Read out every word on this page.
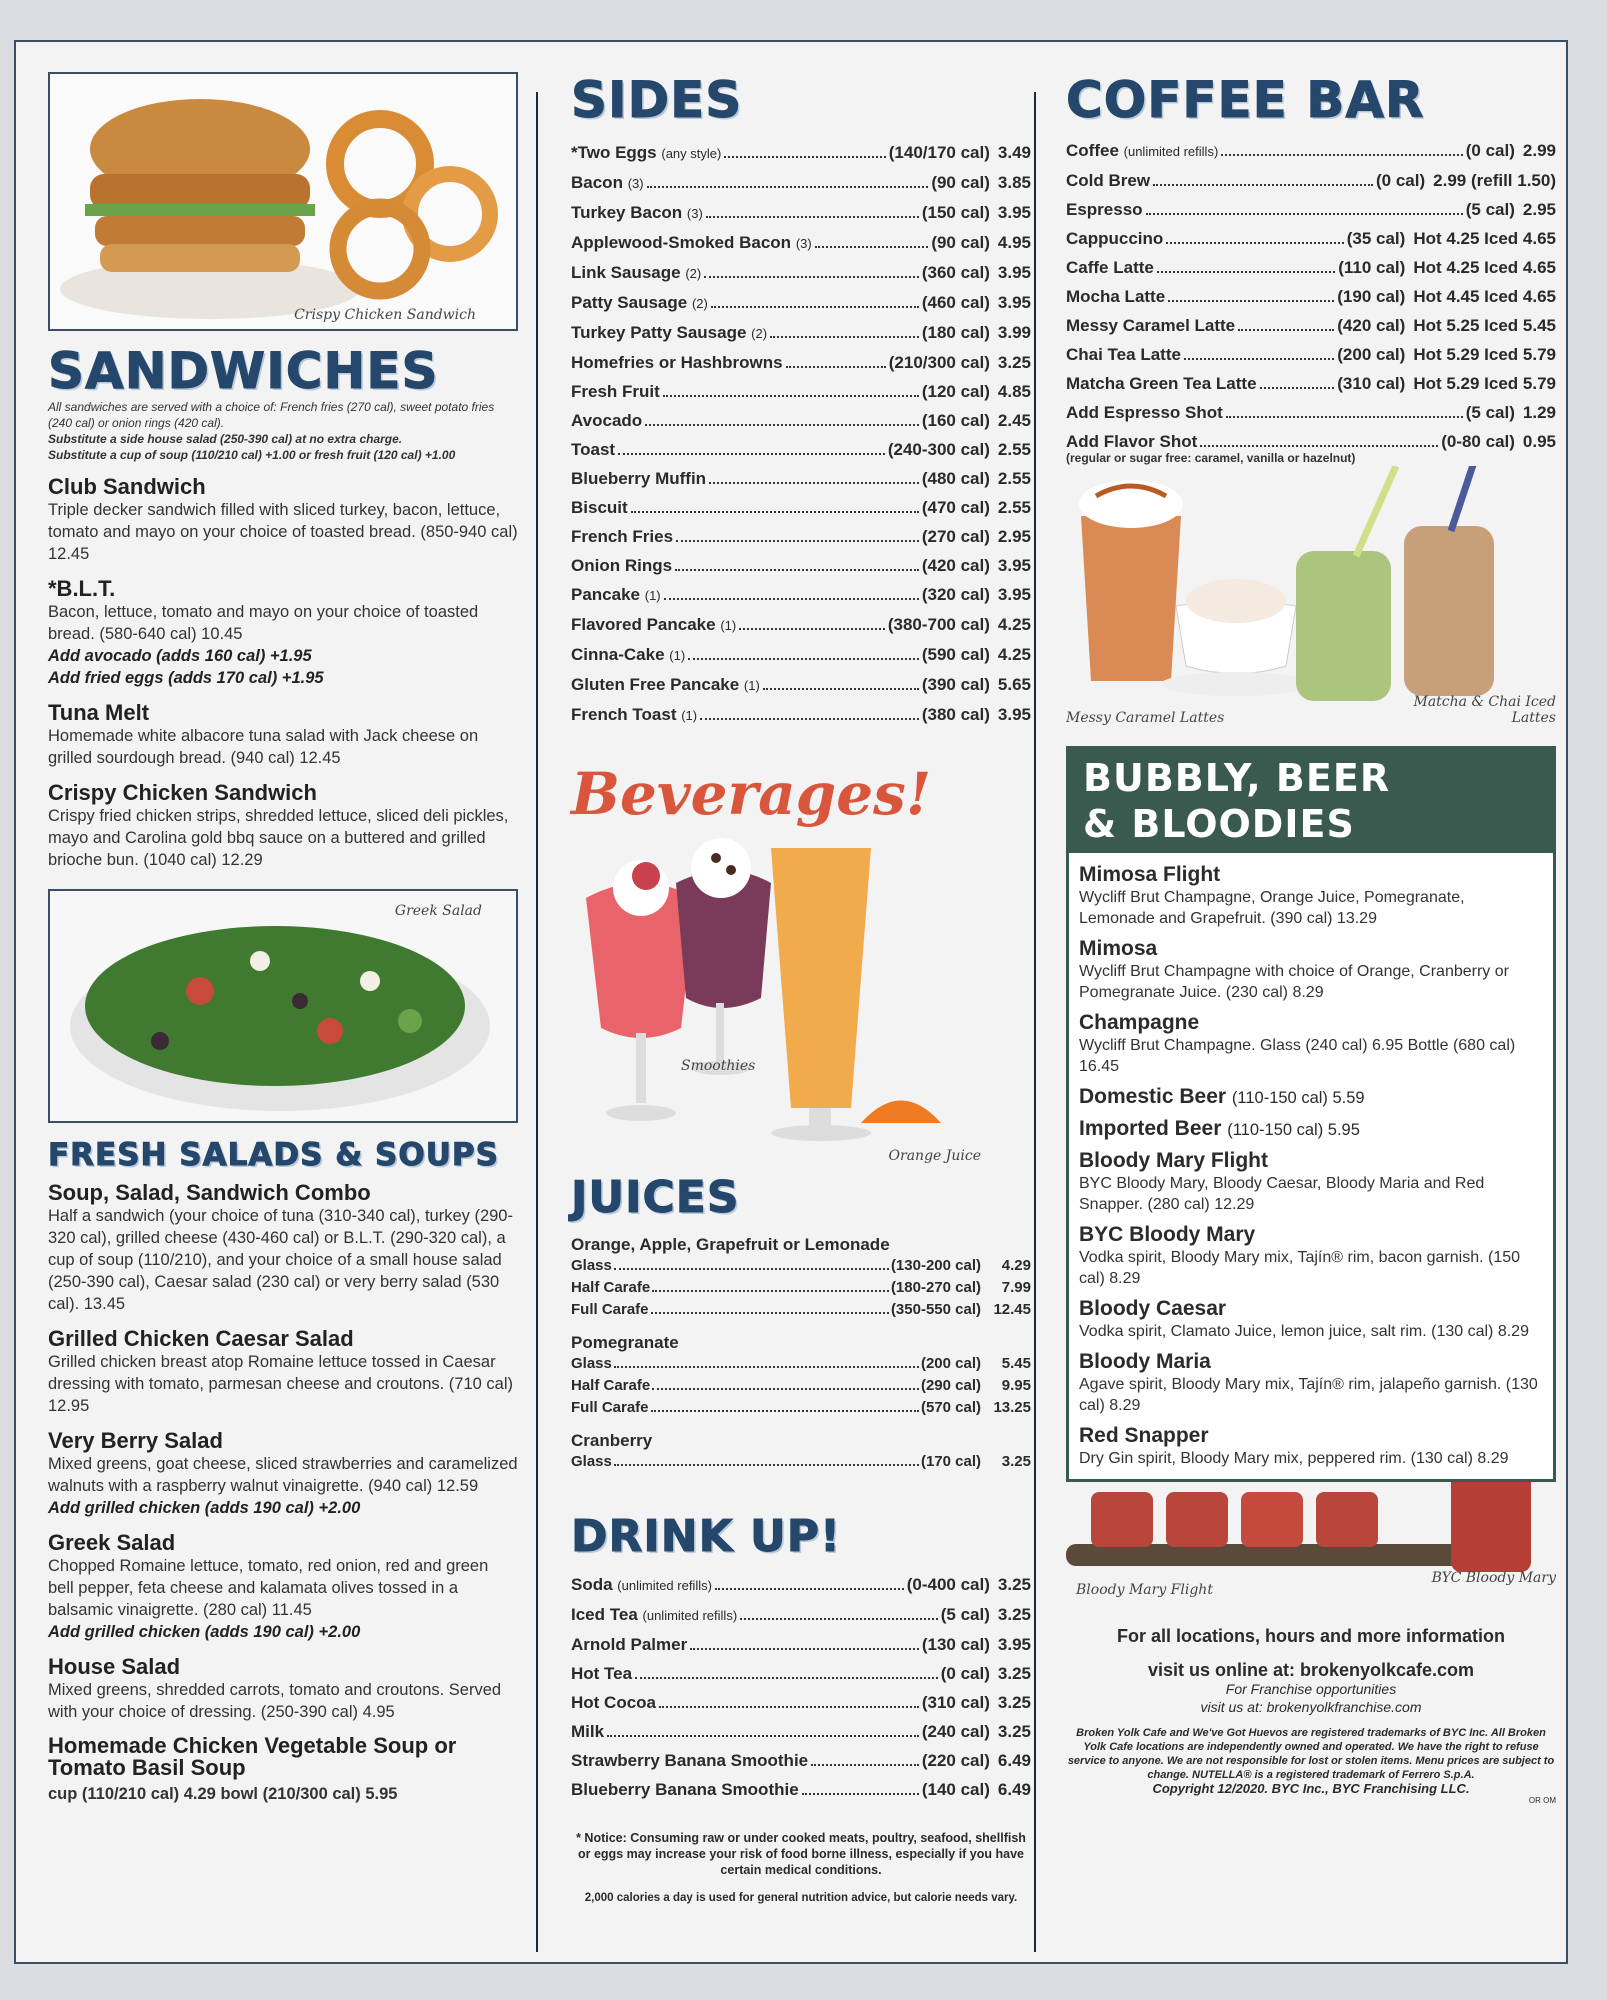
Crispy Chicken Sandwich
SANDWICHES
All sandwiches are served with a choice of: French fries (270 cal), sweet potato fries (240 cal) or onion rings (420 cal).
Substitute a side house salad (250-390 cal) at no extra charge.
Substitute a cup of soup (110/210 cal) +1.00 or fresh fruit (120 cal) +1.00
Club Sandwich
Triple decker sandwich filled with sliced turkey, bacon, lettuce, tomato and mayo on your choice of toasted bread. (850-940 cal) 12.45
*B.L.T.
Bacon, lettuce, tomato and mayo on your choice of toasted bread. (580-640 cal) 10.45
Add avocado (adds 160 cal) +1.95
Add fried eggs (adds 170 cal) +1.95
Tuna Melt
Homemade white albacore tuna salad with Jack cheese on grilled sourdough bread. (940 cal) 12.45
Crispy Chicken Sandwich
Crispy fried chicken strips, shredded lettuce, sliced deli pickles, mayo and Carolina gold bbq sauce on a buttered and grilled brioche bun. (1040 cal) 12.29
Greek Salad
FRESH SALADS & SOUPS
Soup, Salad, Sandwich Combo
Half a sandwich (your choice of tuna (310-340 cal), turkey (290-320 cal), grilled cheese (430-460 cal) or B.L.T. (290-320 cal), a cup of soup (110/210), and your choice of a small house salad (250-390 cal), Caesar salad (230 cal) or very berry salad (530 cal). 13.45
Grilled Chicken Caesar Salad
Grilled chicken breast atop Romaine lettuce tossed in Caesar dressing with tomato, parmesan cheese and croutons. (710 cal) 12.95
Very Berry Salad
Mixed greens, goat cheese, sliced strawberries and caramelized walnuts with a raspberry walnut vinaigrette. (940 cal) 12.59
Add grilled chicken (adds 190 cal) +2.00
Greek Salad
Chopped Romaine lettuce, tomato, red onion, red and green bell pepper, feta cheese and kalamata olives tossed in a balsamic vinaigrette. (280 cal) 11.45
Add grilled chicken (adds 190 cal) +2.00
House Salad
Mixed greens, shredded carrots, tomato and croutons. Served with your choice of dressing. (250-390 cal) 4.95
Homemade Chicken Vegetable Soup or Tomato Basil Soup
cup (110/210 cal) 4.29 bowl (210/300 cal) 5.95
SIDES
*Two Eggs (any style)	(140/170 cal) 3.49
Bacon (3)	(90 cal) 3.85
Turkey Bacon (3)	(150 cal) 3.95
Applewood-Smoked Bacon (3)	(90 cal) 4.95
Link Sausage (2)	(360 cal) 3.95
Patty Sausage (2)	(460 cal) 3.95
Turkey Patty Sausage (2)	(180 cal) 3.99
Homefries or Hashbrowns	(210/300 cal) 3.25
Fresh Fruit	(120 cal) 4.85
Avocado	(160 cal) 2.45
Toast	(240-300 cal) 2.55
Blueberry Muffin	(480 cal) 2.55
Biscuit	(470 cal) 2.55
French Fries	(270 cal) 2.95
Onion Rings	(420 cal) 3.95
Pancake (1)	(320 cal) 3.95
Flavored Pancake (1)	(380-700 cal) 4.25
Cinna-Cake (1)	(590 cal) 4.25
Gluten Free Pancake (1)	(390 cal) 5.65
French Toast (1)	(380 cal) 3.95
Beverages!
Smoothies
Orange Juice
JUICES
Orange, Apple, Grapefruit or Lemonade
Glass	(130-200 cal)	4.29
Half Carafe	(180-270 cal)	7.99
Full Carafe	(350-550 cal) 12.45
Pomegranate
Glass	(200 cal)	5.45
Half Carafe	(290 cal)	9.95
Full Carafe	(570 cal) 13.25
Cranberry
Glass	(170 cal)	3.25
DRINK UP!
Soda (unlimited refills)	(0-400 cal) 3.25
Iced Tea (unlimited refills)	(5 cal) 3.25
Arnold Palmer	(130 cal) 3.95
Hot Tea	(0 cal) 3.25
Hot Cocoa	(310 cal) 3.25
Milk	(240 cal) 3.25
Strawberry Banana Smoothie	(220 cal) 6.49
Blueberry Banana Smoothie	(140 cal) 6.49
* Notice: Consuming raw or under cooked meats, poultry, seafood, shellfish or eggs may increase your risk of food borne illness, especially if you have certain medical conditions.
2,000 calories a day is used for general nutrition advice, but calorie needs vary.
COFFEE BAR
Coffee (unlimited refills)	(0 cal) 2.99
Cold Brew	(0 cal) 2.99 (refill 1.50)
Espresso	(5 cal) 2.95
Cappuccino	(35 cal) Hot 4.25 Iced 4.65
Caffe Latte	(110 cal) Hot 4.25 Iced 4.65
Mocha Latte	(190 cal) Hot 4.45 Iced 4.65
Messy Caramel Latte	(420 cal) Hot 5.25 Iced 5.45
Chai Tea Latte	(200 cal) Hot 5.29 Iced 5.79
Matcha Green Tea Latte	(310 cal) Hot 5.29 Iced 5.79
Add Espresso Shot	(5 cal) 1.29
Add Flavor Shot	(0-80 cal) 0.95
(regular or sugar free: caramel, vanilla or hazelnut)
Messy Caramel Lattes
Matcha & Chai Iced Lattes
BUBBLY, BEER
& BLOODIES
Mimosa Flight
Wycliff Brut Champagne, Orange Juice, Pomegranate, Lemonade and Grapefruit. (390 cal) 13.29
Mimosa
Wycliff Brut Champagne with choice of Orange, Cranberry or Pomegranate Juice. (230 cal) 8.29
Champagne
Wycliff Brut Champagne. Glass (240 cal) 6.95 Bottle (680 cal) 16.45
Domestic Beer (110-150 cal) 5.59
Imported Beer (110-150 cal) 5.95
Bloody Mary Flight
BYC Bloody Mary, Bloody Caesar, Bloody Maria and Red Snapper. (280 cal) 12.29
BYC Bloody Mary
Vodka spirit, Bloody Mary mix, Tajín® rim, bacon garnish. (150 cal) 8.29
Bloody Caesar
Vodka spirit, Clamato Juice, lemon juice, salt rim. (130 cal) 8.29
Bloody Maria
Agave spirit, Bloody Mary mix, Tajín® rim, jalapeño garnish. (130 cal) 8.29
Red Snapper
Dry Gin spirit, Bloody Mary mix, peppered rim. (130 cal) 8.29
Bloody Mary Flight
BYC Bloody Mary
For all locations, hours and more information
visit us online at: brokenyolkcafe.com
For Franchise opportunities
visit us at: brokenyolkfranchise.com
Broken Yolk Cafe and We've Got Huevos are registered trademarks of BYC Inc. All Broken Yolk Cafe locations are independently owned and operated. We have the right to refuse service to anyone. We are not responsible for lost or stolen items. Menu prices are subject to change. NUTELLA® is a registered trademark of Ferrero S.p.A.
Copyright 12/2020. BYC Inc., BYC Franchising LLC.
OR OM
